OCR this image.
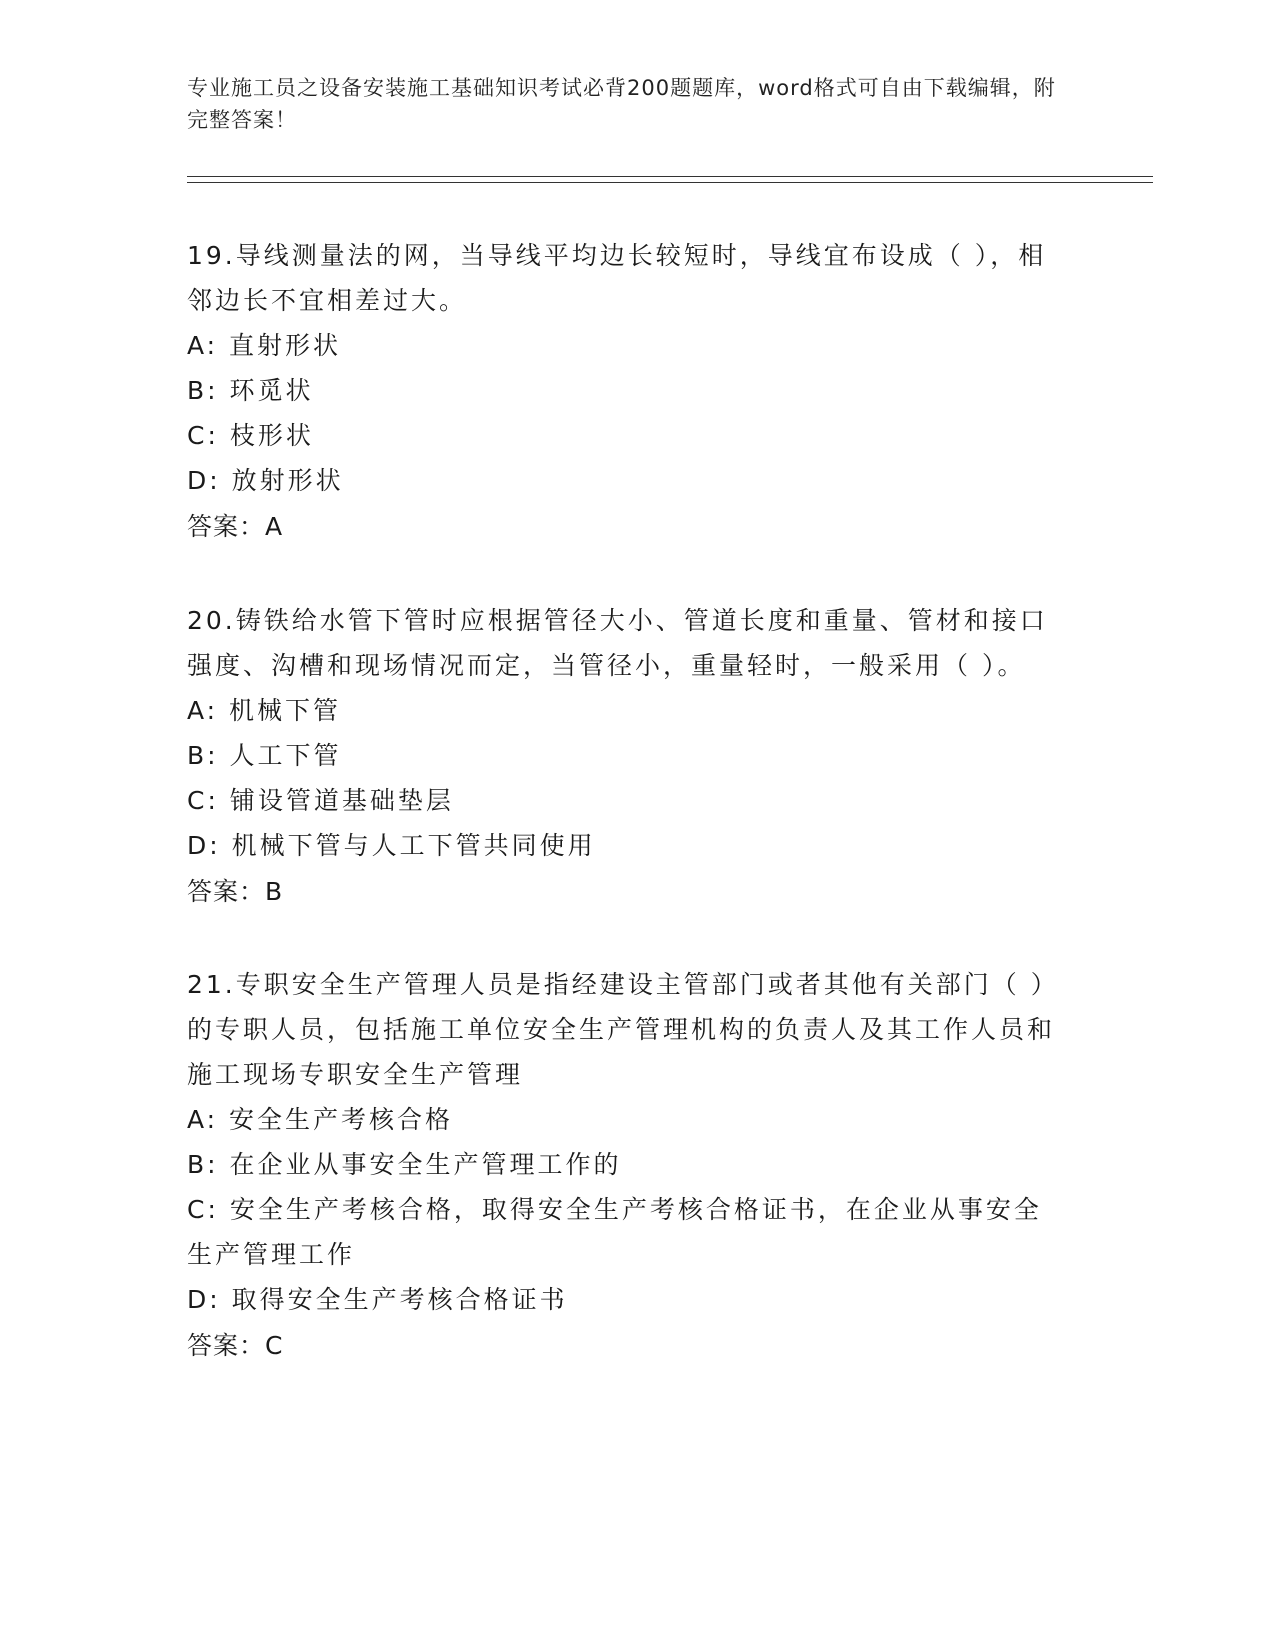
专业施工员之设备安装施工基础知识考试必背200题题库，word格式可自由下载编辑，附完整答案！
19.导线测量法的网，当导线平均边长较短时，导线宜布设成（ ），相邻边长不宜相差过大。
A: 直射形状
B: 环觅状
C: 枝形状
D: 放射形状
答案：A
20.铸铁给水管下管时应根据管径大小、管道长度和重量、管材和接口强度、沟槽和现场情况而定，当管径小，重量轻时，一般采用（ ）。
A: 机械下管
B: 人工下管
C: 铺设管道基础垫层
D: 机械下管与人工下管共同使用
答案：B
21.专职安全生产管理人员是指经建设主管部门或者其他有关部门（ ）的专职人员，包括施工单位安全生产管理机构的负责人及其工作人员和施工现场专职安全生产管理
A: 安全生产考核合格
B: 在企业从事安全生产管理工作的
C: 安全生产考核合格，取得安全生产考核合格证书，在企业从事安全生产管理工作
D: 取得安全生产考核合格证书
答案：C
